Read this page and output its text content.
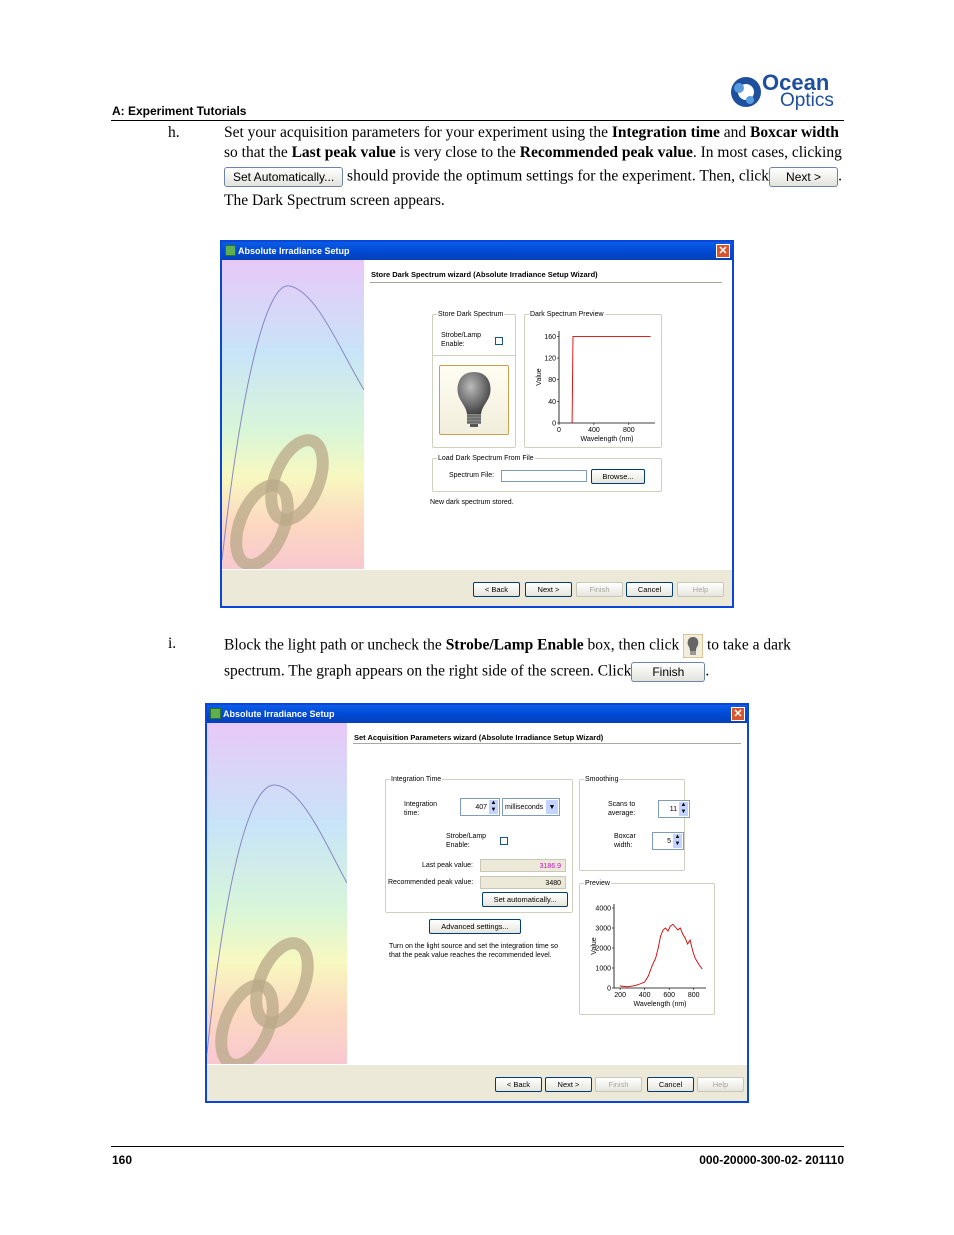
Ocean
Optics
A: Experiment Tutorials
h.	Set your acquisition parameters for your experiment using the Integration time and Boxcar width so that the Last peak value is very close to the Recommended peak value. In most cases, clicking Set Automatically... should provide the optimum settings for the experiment. Then, click Next > . The Dark Spectrum screen appears.
Absolute Irradiance Setup	✕
Store Dark Spectrum wizard (Absolute Irradiance Setup Wizard)
Store Dark Spectrum
Strobe/Lamp
Enable:
Dark Spectrum Preview
0
40
80
120
160
0	400	800
Wavelength (nm)
Value
Load Dark Spectrum From File
Spectrum File:	Browse...
New dark spectrum stored.
< Back	Next >	Finish	Cancel	Help
i.	Block the light path or uncheck the Strobe/Lamp Enable box, then click  to take a dark spectrum. The graph appears on the right side of the screen. Click Finish .
Absolute Irradiance Setup	✕
Set Acquisition Parameters wizard (Absolute Irradiance Setup Wizard)
Integration Time
Integration
time:
407
▲
▼ milliseconds ▼
Strobe/Lamp
Enable:
Last peak value:	3186.9
Recommended peak value:	3480
Set automatically...
Advanced settings...
Turn on the light source and set the integration time so that the peak value reaches the recommended level.
Smoothing
Scans to
average:
11
▲
▼
Boxcar
width:
5
▲
▼
Preview
0
1000
2000
3000
4000
200 400 600 800
Wavelength (nm)
Value
< Back	Next >	Finish	Cancel	Help
160	000-20000-300-02- 201110
